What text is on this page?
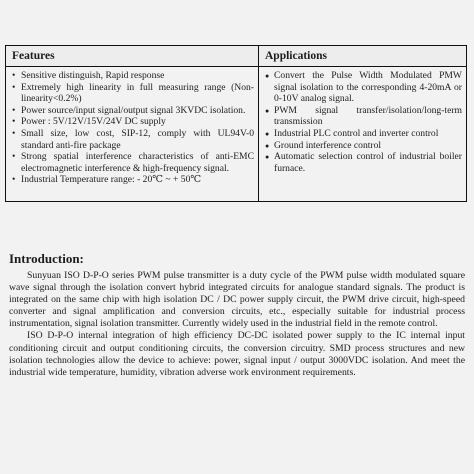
Features	Applications
• Sensitive distinguish, Rapid response
• Extremely high linearity in full measuring range (Non-linearity<0.2%)
• Power source/input signal/output signal 3KVDC isolation.
• Power : 5V/12V/15V/24V DC supply
• Small size, low cost, SIP-12, comply with UL94V-0 standard anti-fire package
• Strong spatial interference characteristics of anti-EMC electromagnetic interference & high-frequency signal.
• Industrial Temperature range: - 20℃ ~ + 50℃
● Convert the Pulse Width Modulated PMW signal isolation to the corresponding 4-20mA or 0-10V analog signal.
● PWM signal transfer/isolation/long-term transmission
● Industrial PLC control and inverter control
● Ground interference control
● Automatic selection control of industrial boiler furnace.
Introduction:

Sunyuan ISO D-P-O series PWM pulse transmitter is a duty cycle of the PWM pulse width modulated square wave signal through the isolation convert hybrid integrated circuits for analogue standard signals. The product is integrated on the same chip with high isolation DC / DC power supply circuit, the PWM drive circuit, high-speed converter and signal amplification and conversion circuits, etc., especially suitable for industrial process instrumentation, signal isolation transmitter. Currently widely used in the industrial field in the remote control.

ISO D-P-O internal integration of high efficiency DC-DC isolated power supply to the IC internal input conditioning circuit and output conditioning circuits, the conversion circuitry. SMD process structures and new isolation technologies allow the device to achieve: power, signal input / output 3000VDC isolation. And meet the industrial wide temperature, humidity, vibration adverse work environment requirements.
